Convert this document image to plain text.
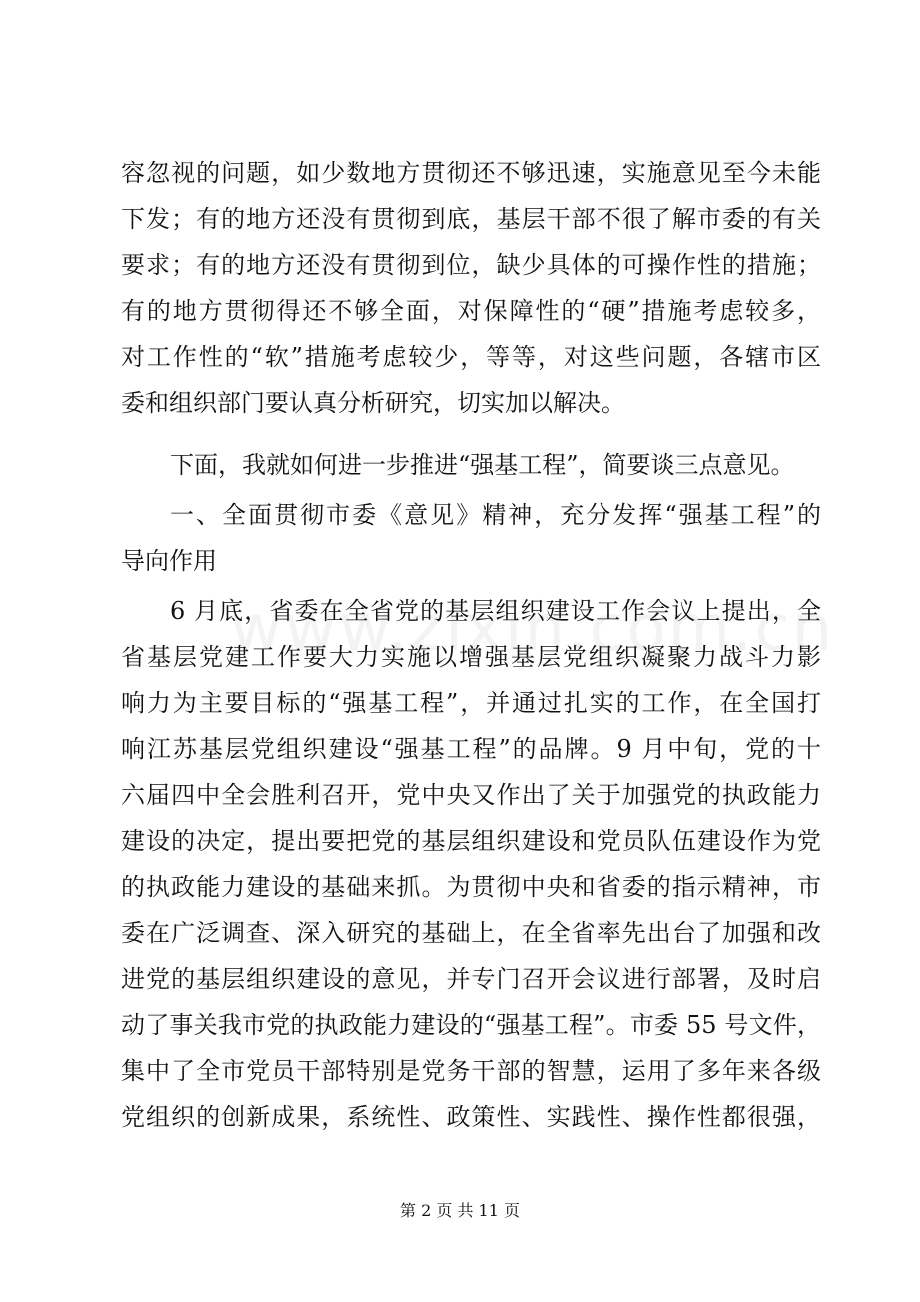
容忽视的问题，如少数地方贯彻还不够迅速，实施意见至今未能
下发；有的地方还没有贯彻到底，基层干部不很了解市委的有关
要求；有的地方还没有贯彻到位，缺少具体的可操作性的措施；
有的地方贯彻得还不够全面，对保障性的“硬”措施考虑较多，
对工作性的“软”措施考虑较少，等等，对这些问题，各辖市区
委和组织部门要认真分析研究，切实加以解决。
下面，我就如何进一步推进“强基工程”，简要谈三点意见。
一、全面贯彻市委《意见》精神，充分发挥“强基工程”的
导向作用
6 月底，省委在全省党的基层组织建设工作会议上提出，全
省基层党建工作要大力实施以增强基层党组织凝聚力战斗力影
响力为主要目标的“强基工程”，并通过扎实的工作，在全国打
响江苏基层党组织建设“强基工程”的品牌。9 月中旬，党的十
六届四中全会胜利召开，党中央又作出了关于加强党的执政能力
建设的决定，提出要把党的基层组织建设和党员队伍建设作为党
的执政能力建设的基础来抓。为贯彻中央和省委的指示精神，市
委在广泛调查、深入研究的基础上，在全省率先出台了加强和改
进党的基层组织建设的意见，并专门召开会议进行部署，及时启
动了事关我市党的执政能力建设的“强基工程”。市委 55 号文件，
集中了全市党员干部特别是党务干部的智慧，运用了多年来各级
党组织的创新成果，系统性、政策性、实践性、操作性都很强，
第 2 页 共 11 页
